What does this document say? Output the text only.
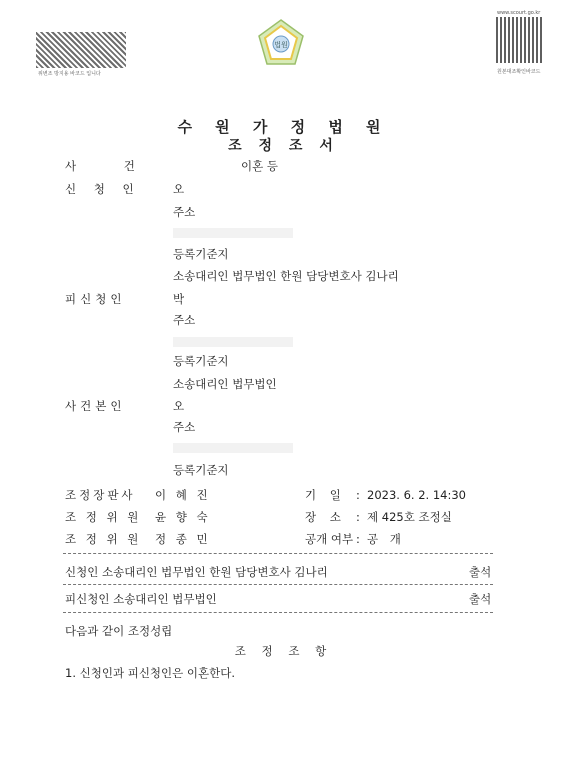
위변조 방지용 바코드 입니다
법원
www.scourt.go.kr
원본대조확인바코드
수 원 가 정 법 원
조 정 조 서
사 건	이혼 등
신 청 인	오
주소
등록기준지
소송대리인 법무법인 한원 담당변호사 김나리
피신청인	박
주소
등록기준지
소송대리인 법무법인
사건본인	오
주소
등록기준지
조정장판사 이 혜 진	기 일 : 2023. 6. 2. 14:30
조 정 위 원 윤 향 숙	장 소 : 제 425호 조정실
조 정 위 원 정 종 민	공개 여부 : 공 개
신청인 소송대리인 법무법인 한원 담당변호사 김나리	출석
피신청인 소송대리인 법무법인	출석
다음과 같이 조정성립
조 정 조 항
1. 신청인과 피신청인은 이혼한다.
